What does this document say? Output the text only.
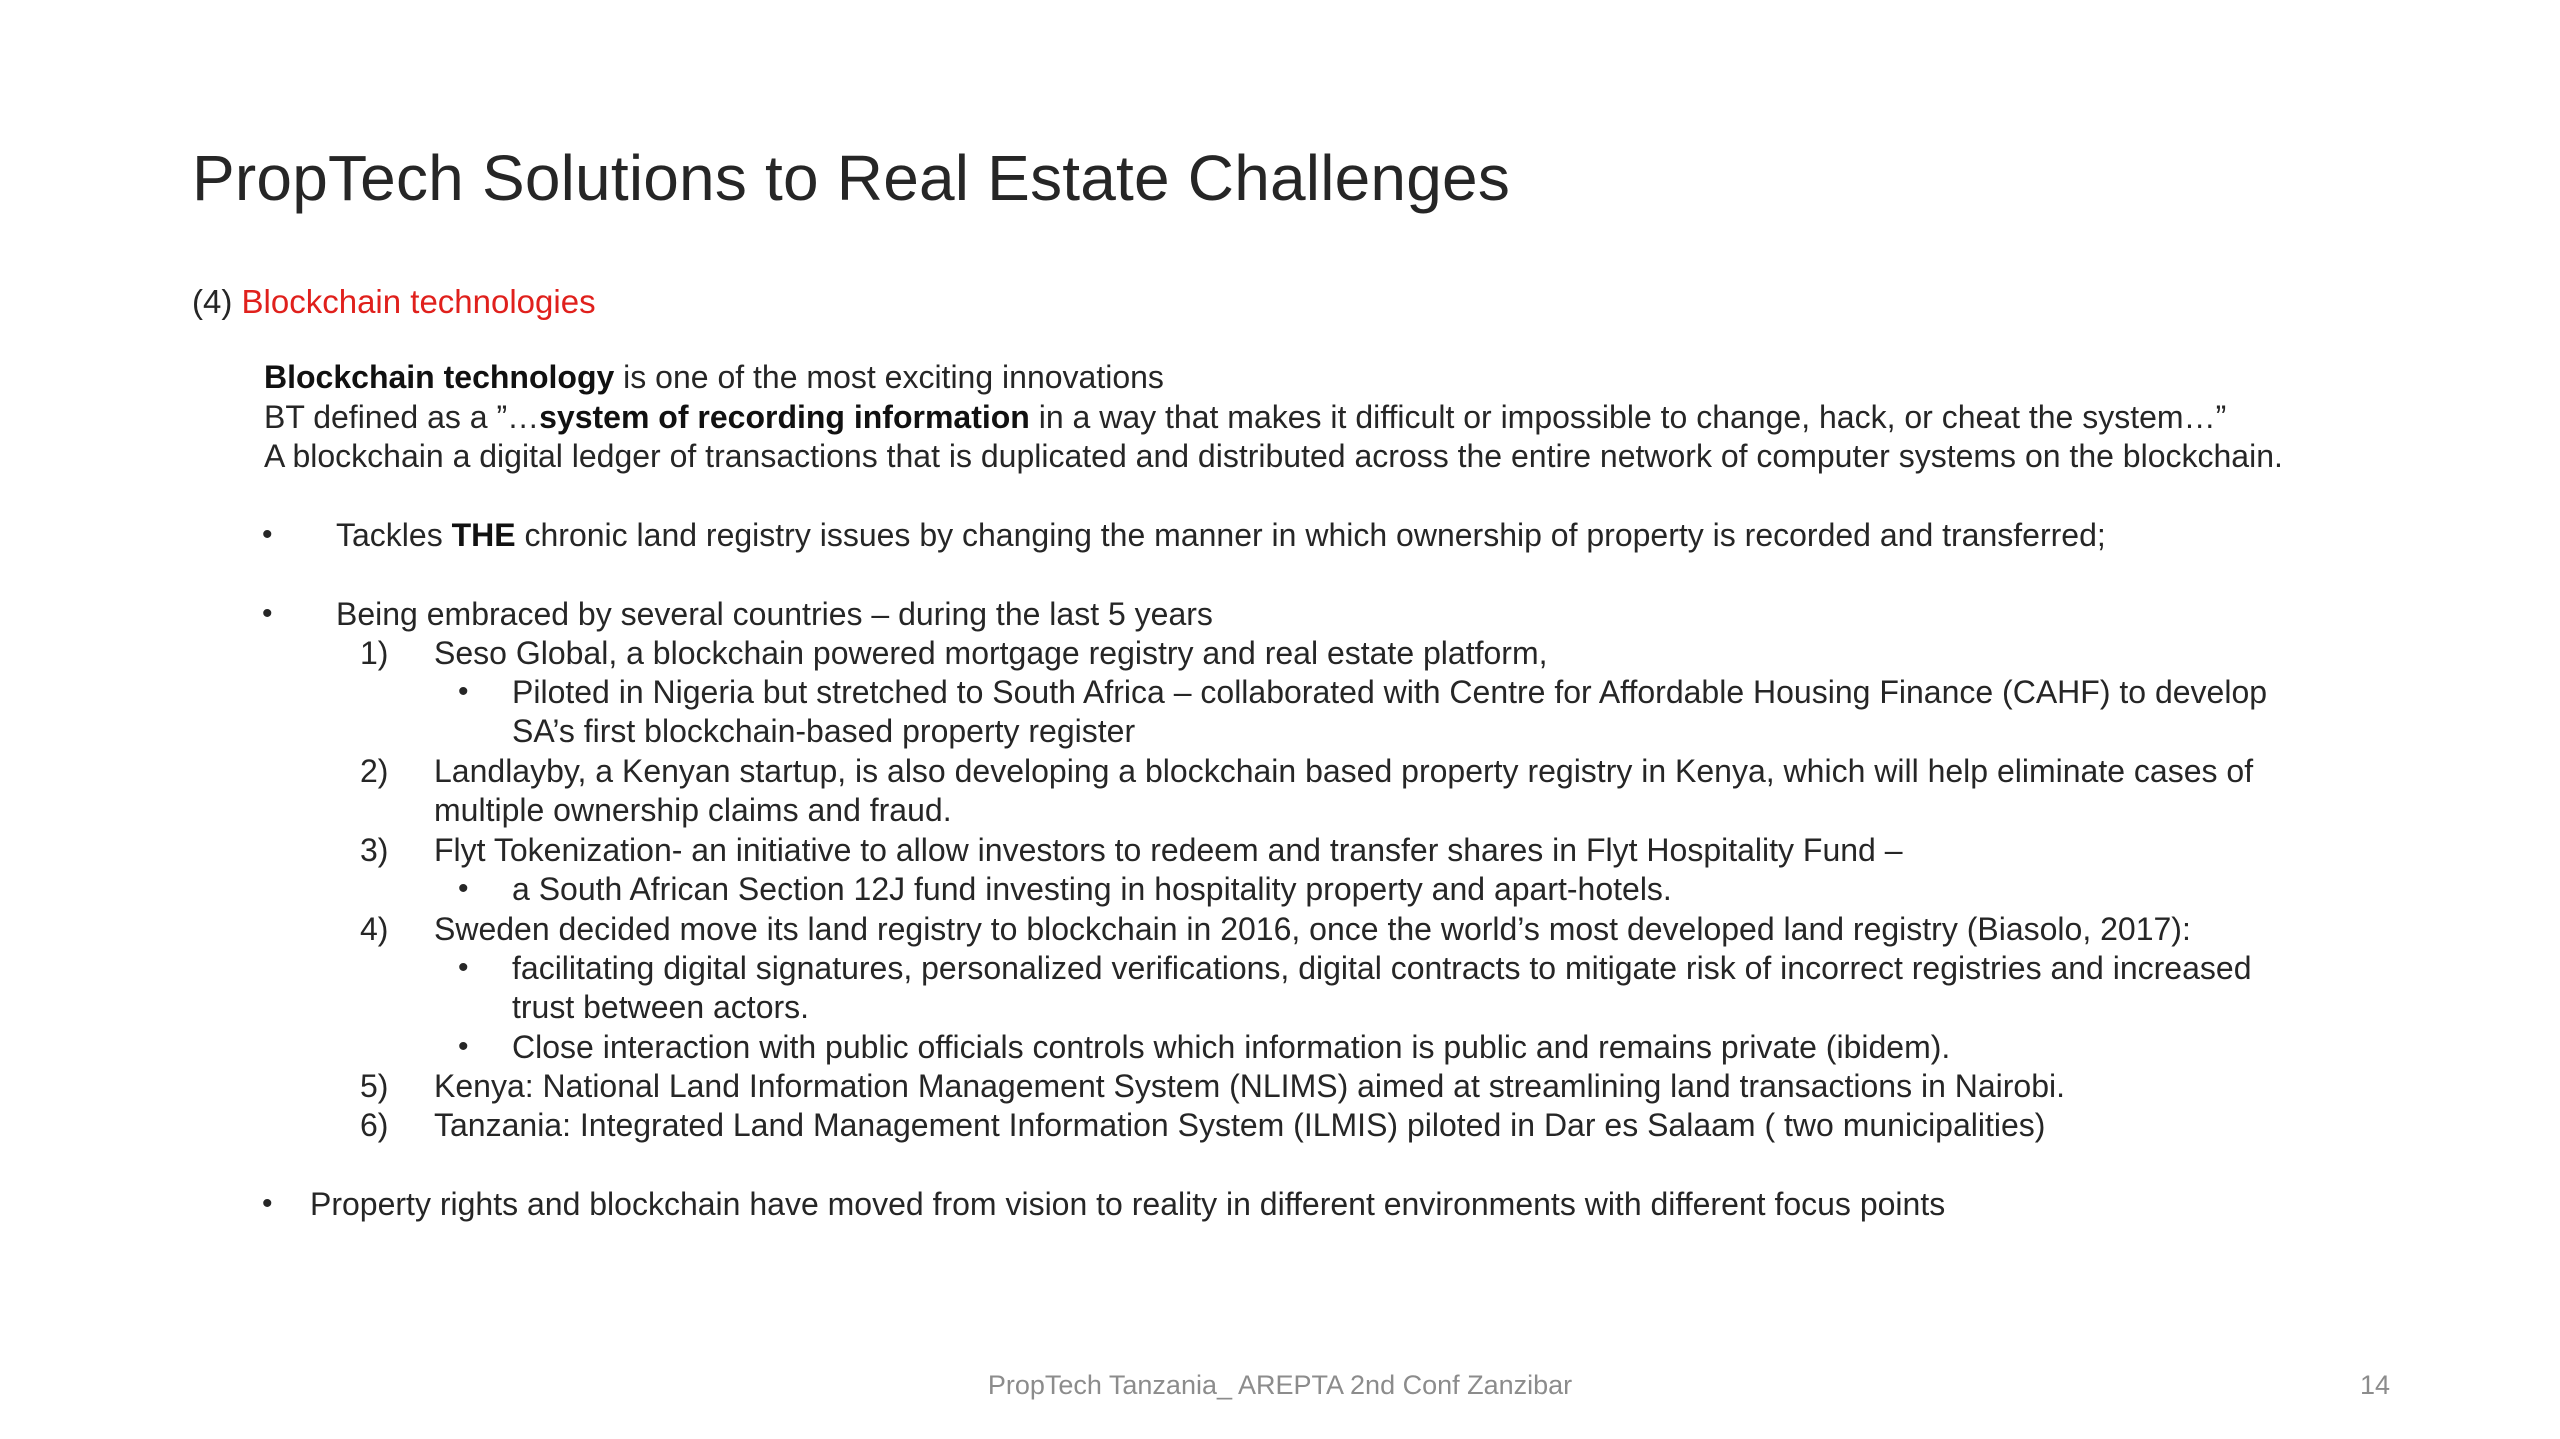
PropTech Solutions to Real Estate Challenges
(4) Blockchain technologies
Blockchain technology is one of the most exciting innovations
BT defined as a ”…system of recording information in a way that makes it difficult or impossible to change, hack, or cheat the system…”
A blockchain a digital ledger of transactions that is duplicated and distributed across the entire network of computer systems on the blockchain.
• Tackles THE chronic land registry issues by changing the manner in which ownership of property is recorded and transferred;
• Being embraced by several countries – during the last 5 years
1) Seso Global, a blockchain powered mortgage registry and real estate platform,
• Piloted in Nigeria but stretched to South Africa – collaborated with Centre for Affordable Housing Finance (CAHF) to develop
SA’s first blockchain-based property register
2) Landlayby, a Kenyan startup, is also developing a blockchain based property registry in Kenya, which will help eliminate cases of
multiple ownership claims and fraud.
3) Flyt Tokenization- an initiative to allow investors to redeem and transfer shares in Flyt Hospitality Fund –
• a South African Section 12J fund investing in hospitality property and apart-hotels.
4) Sweden decided move its land registry to blockchain in 2016, once the world’s most developed land registry (Biasolo, 2017):
• facilitating digital signatures, personalized verifications, digital contracts to mitigate risk of incorrect registries and increased
trust between actors.
• Close interaction with public officials controls which information is public and remains private (ibidem).
5) Kenya: National Land Information Management System (NLIMS) aimed at streamlining land transactions in Nairobi.
6) Tanzania: Integrated Land Management Information System (ILMIS) piloted in Dar es Salaam ( two municipalities)
• Property rights and blockchain have moved from vision to reality in different environments with different focus points
PropTech Tanzania_ AREPTA 2nd Conf Zanzibar	14
